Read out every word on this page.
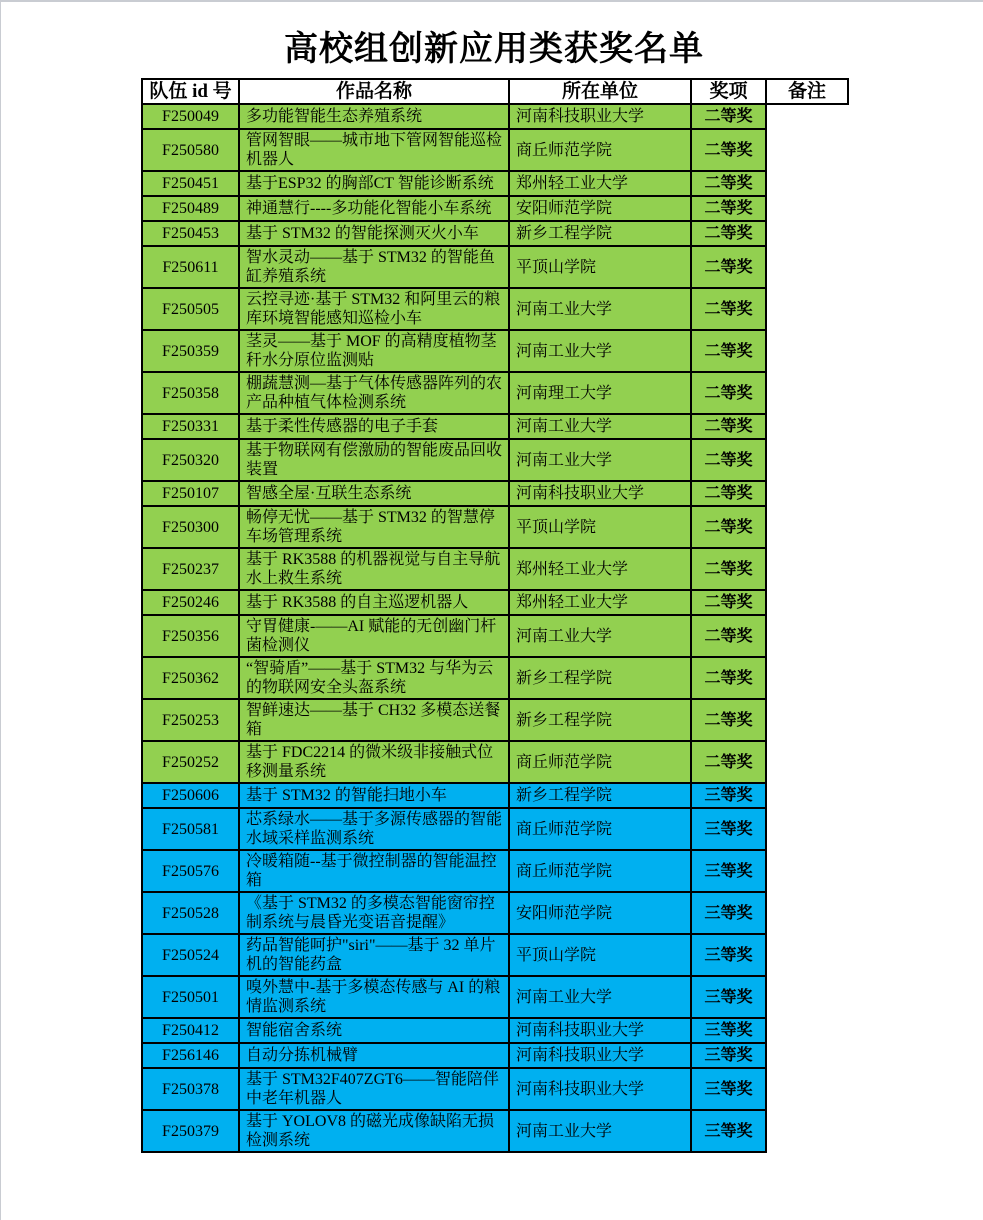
高校组创新应用类获奖名单
队伍 id 号	作品名称	所在单位	奖项	备注
F250049	多功能智能生态养殖系统	河南科技职业大学	二等奖	
F250580	管网智眼——城市地下管网智能巡检机器人	商丘师范学院	二等奖	
F250451	基于ESP32 的胸部CT 智能诊断系统	郑州轻工业大学	二等奖	
F250489	神通慧行----多功能化智能小车系统	安阳师范学院	二等奖	
F250453	基于 STM32 的智能探测灭火小车	新乡工程学院	二等奖	
F250611	智水灵动——基于 STM32 的智能鱼缸养殖系统	平顶山学院	二等奖	
F250505	云控寻迹·基于 STM32 和阿里云的粮库环境智能感知巡检小车	河南工业大学	二等奖	
F250359	茎灵——基于 MOF 的高精度植物茎秆水分原位监测贴	河南工业大学	二等奖	
F250358	棚蔬慧测—基于气体传感器阵列的农产品种植气体检测系统	河南理工大学	二等奖	
F250331	基于柔性传感器的电子手套	河南工业大学	二等奖	
F250320	基于物联网有偿激励的智能废品回收装置	河南工业大学	二等奖	
F250107	智感全屋·互联生态系统	河南科技职业大学	二等奖	
F250300	畅停无忧——基于 STM32 的智慧停车场管理系统	平顶山学院	二等奖	
F250237	基于 RK3588 的机器视觉与自主导航水上救生系统	郑州轻工业大学	二等奖	
F250246	基于 RK3588 的自主巡逻机器人	郑州轻工业大学	二等奖	
F250356	守胃健康-——AI 赋能的无创幽门杆菌检测仪	河南工业大学	二等奖	
F250362	“智骑盾”——基于 STM32 与华为云的物联网安全头盔系统	新乡工程学院	二等奖	
F250253	智鲜速达——基于 CH32 多模态送餐箱	新乡工程学院	二等奖	
F250252	基于 FDC2214 的微米级非接触式位移测量系统	商丘师范学院	二等奖	
F250606	基于 STM32 的智能扫地小车	新乡工程学院	三等奖	
F250581	芯系绿水——基于多源传感器的智能水域采样监测系统	商丘师范学院	三等奖	
F250576	冷暖箱随--基于微控制器的智能温控箱	商丘师范学院	三等奖	
F250528	《基于 STM32 的多模态智能窗帘控制系统与晨昏光变语音提醒》	安阳师范学院	三等奖	
F250524	药品智能呵护"siri"——基于 32 单片机的智能药盒	平顶山学院	三等奖	
F250501	嗅外慧中-基于多模态传感与 AI 的粮情监测系统	河南工业大学	三等奖	
F250412	智能宿舍系统	河南科技职业大学	三等奖	
F256146	自动分拣机械臂	河南科技职业大学	三等奖	
F250378	基于 STM32F407ZGT6——智能陪伴中老年机器人	河南科技职业大学	三等奖	
F250379	基于 YOLOV8 的磁光成像缺陷无损检测系统	河南工业大学	三等奖	
